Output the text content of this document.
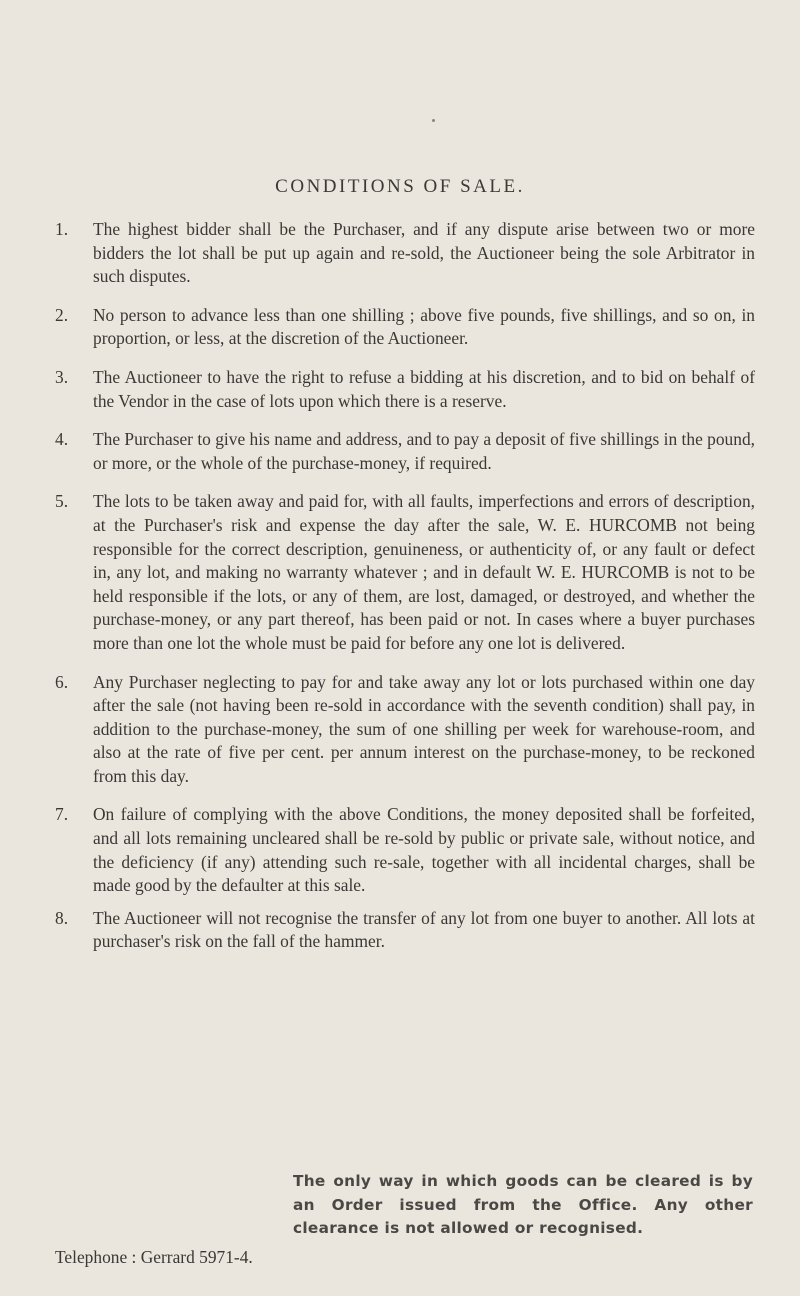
CONDITIONS OF SALE.
1.	The highest bidder shall be the Purchaser, and if any dispute arise between two or more bidders the lot shall be put up again and re-sold, the Auctioneer being the sole Arbitrator in such disputes.
2.	No person to advance less than one shilling ; above five pounds, five shillings, and so on, in proportion, or less, at the discretion of the Auctioneer.
3.	The Auctioneer to have the right to refuse a bidding at his discretion, and to bid on behalf of the Vendor in the case of lots upon which there is a reserve.
4.	The Purchaser to give his name and address, and to pay a deposit of five shillings in the pound, or more, or the whole of the purchase-money, if required.
5.	The lots to be taken away and paid for, with all faults, imperfections and errors of description, at the Purchaser's risk and expense the day after the sale, W. E. HURCOMB not being responsible for the correct description, genuineness, or authenticity of, or any fault or defect in, any lot, and making no warranty whatever ; and in default W. E. HURCOMB is not to be held responsible if the lots, or any of them, are lost, damaged, or destroyed, and whether the purchase-money, or any part thereof, has been paid or not. In cases where a buyer purchases more than one lot the whole must be paid for before any one lot is delivered.
6.	Any Purchaser neglecting to pay for and take away any lot or lots purchased within one day after the sale (not having been re-sold in accordance with the seventh condition) shall pay, in addition to the purchase-money, the sum of one shilling per week for warehouse-room, and also at the rate of five per cent. per annum interest on the purchase-money, to be reckoned from this day.
7.	On failure of complying with the above Conditions, the money deposited shall be forfeited, and all lots remaining uncleared shall be re-sold by public or private sale, without notice, and the deficiency (if any) attending such re-sale, together with all incidental charges, shall be made good by the defaulter at this sale.
8.	The Auctioneer will not recognise the transfer of any lot from one buyer to another. All lots at purchaser's risk on the fall of the hammer.

The only way in which goods can be cleared is by an Order issued from the Office. Any other clearance is not allowed or recognised.

Telephone : Gerrard 5971-4.
